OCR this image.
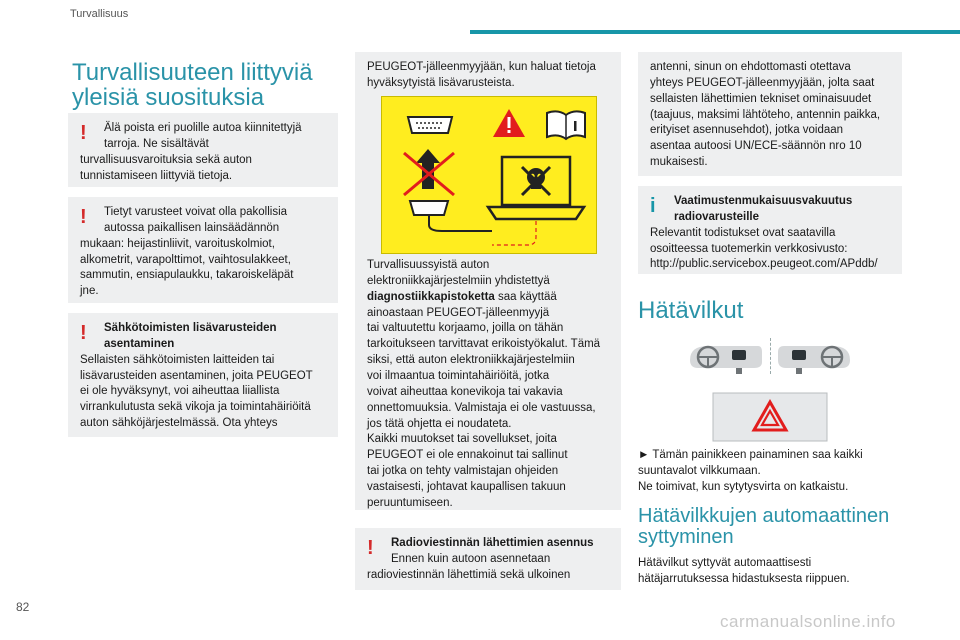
Turvallisuus
Turvallisuuteen liittyviä yleisiä suosituksia
!	Älä poista eri puolille autoa kiinnitettyjä
tarroja. Ne sisältävät
turvallisuusvaroituksia sekä auton
tunnistamiseen liittyviä tietoja.
!	Tietyt varusteet voivat olla pakollisia
autossa paikallisen lainsäädännön
mukaan: heijastinliivit, varoituskolmiot,
alkometrit, varapolttimot, vaihtosulakkeet,
sammutin, ensiapulaukku, takaroiskeläpät
jne.
!	Sähkötoimisten lisävarusteiden
asentaminen
Sellaisten sähkötoimisten laitteiden tai
lisävarusteiden asentaminen, joita PEUGEOT
ei ole hyväksynyt, voi aiheuttaa liiallista
virrankulutusta sekä vikoja ja toimintahäiriöitä
auton sähköjärjestelmässä. Ota yhteys
PEUGEOT-jälleenmyyjään, kun haluat tietoja
hyväksytyistä lisävarusteista.
Turvallisuussyistä auton
elektroniikkajärjestelmiin yhdistettyä
diagnostiikkapistoketta saa käyttää
ainoastaan PEUGEOT-jälleenmyyjä
tai valtuutettu korjaamo, joilla on tähän
tarkoitukseen tarvittavat erikoistyökalut. Tämä
siksi, että auton elektroniikkajärjestelmiin
voi ilmaantua toimintahäiriöitä, jotka
voivat aiheuttaa konevikoja tai vakavia
onnettomuuksia. Valmistaja ei ole vastuussa,
jos tätä ohjetta ei noudateta.
Kaikki muutokset tai sovellukset, joita
PEUGEOT ei ole ennakoinut tai sallinut
tai jotka on tehty valmistajan ohjeiden
vastaisesti, johtavat kaupallisen takuun
peruuntumiseen.
!	Radioviestinnän lähettimien asennus
Ennen kuin autoon asennetaan
radioviestinnän lähettimiä sekä ulkoinen
antenni, sinun on ehdottomasti otettava
yhteys PEUGEOT-jälleenmyyjään, jolta saat
sellaisten lähettimien tekniset ominaisuudet
(taajuus, maksimi lähtöteho, antennin paikka,
erityiset asennusehdot), jotka voidaan
asentaa autoosi UN/ECE-säännön nro 10
mukaisesti.
i	Vaatimustenmukaisuusvakuutus
radiovarusteille
Relevantit todistukset ovat saatavilla
osoitteessa tuotemerkin verkkosivusto:
http://public.servicebox.peugeot.com/APddb/
Hätävilkut
► Tämän painikkeen painaminen saa kaikki
suuntavalot vilkkumaan.
Ne toimivat, kun sytytysvirta on katkaistu.
Hätävilkkujen automaattinen syttyminen
Hätävilkut syttyvät automaattisesti
hätäjarrutuksessa hidastuksesta riippuen.
82
carmanualsonline.info
